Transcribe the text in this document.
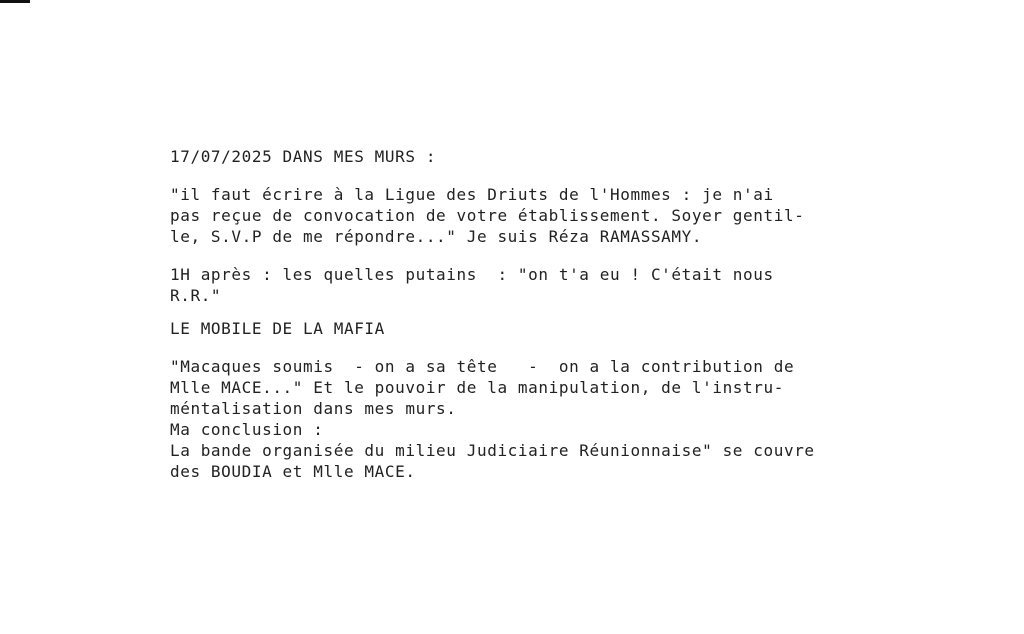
17/07/2025 DANS MES MURS :
"il faut écrire à la Ligue des Driuts de l'Hommes : je n'ai
pas reçue de convocation de votre établissement. Soyer gentil-
le, S.V.P de me répondre..." Je suis Réza RAMASSAMY.
1H après : les quelles putains  : "on t'a eu ! C'était nous
R.R."
LE MOBILE DE LA MAFIA
"Macaques soumis  - on a sa tête   -  on a la contribution de
Mlle MACE..." Et le pouvoir de la manipulation, de l'instru-
méntalisation dans mes murs.
Ma conclusion :
La bande organisée du milieu Judiciaire Réunionnaise" se couvre
des BOUDIA et Mlle MACE.
